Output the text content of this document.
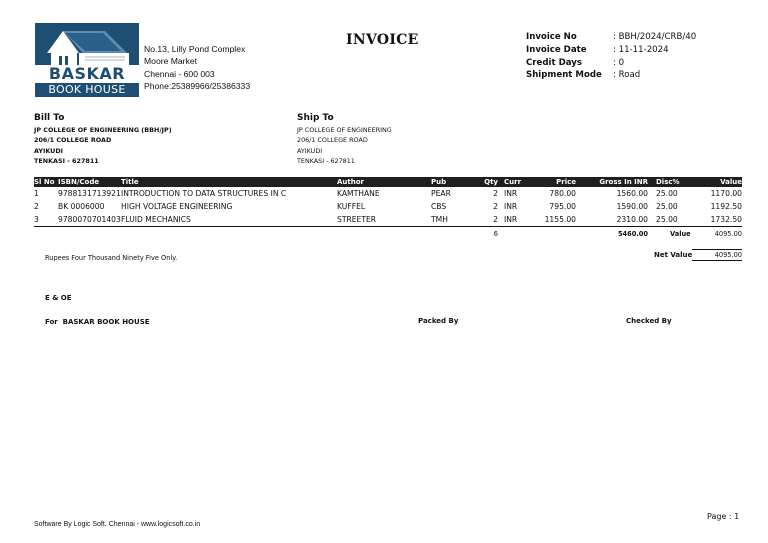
BASKAR
BOOK HOUSE
No.13, Lilly Pond Complex
Moore Market
Chennai - 600 003
Phone:25389966/25386333
INVOICE	Invoice No	: BBH/2024/CRB/40
Invoice Date	: 11-11-2024
Credit Days	: 0
Shipment Mode	: Road
Bill To
JP COLLEGE OF ENGINEERING (BBH/JP)
206/1 COLLEGE ROAD
AYIKUDI
TENKASI - 627811
Ship To
JP COLLEGE OF ENGINEERING
206/1 COLLEGE ROAD
AYIKUDI
TENKASI - 627811
Sl No ISBN/Code	Title	Author	Pub	Qty Curr	Price	Gross In INR Disc%	Value
1	9788131713921 INTRODUCTION TO DATA STRUCTURES IN C	KAMTHANE	PEAR	2 INR	780.00	1560.00 25.00	1170.00
2	BK 0006000 HIGH VOLTAGE ENGINEERING	KUFFEL	CBS	2 INR	795.00	1590.00 25.00	1192.50
3	9780070701403 FLUID MECHANICS	STREETER	TMH	2 INR	1155.00	2310.00 25.00	1732.50
6	5460.00	Value	4095.00
Rupees Four Thousand Ninety Five Only.	Net Value	4095.00
E & OE
For  BASKAR BOOK HOUSE	Packed By	Checked By
Software By Logic Soft, Chennai - www.logicsoft.co.in
Page : 1
